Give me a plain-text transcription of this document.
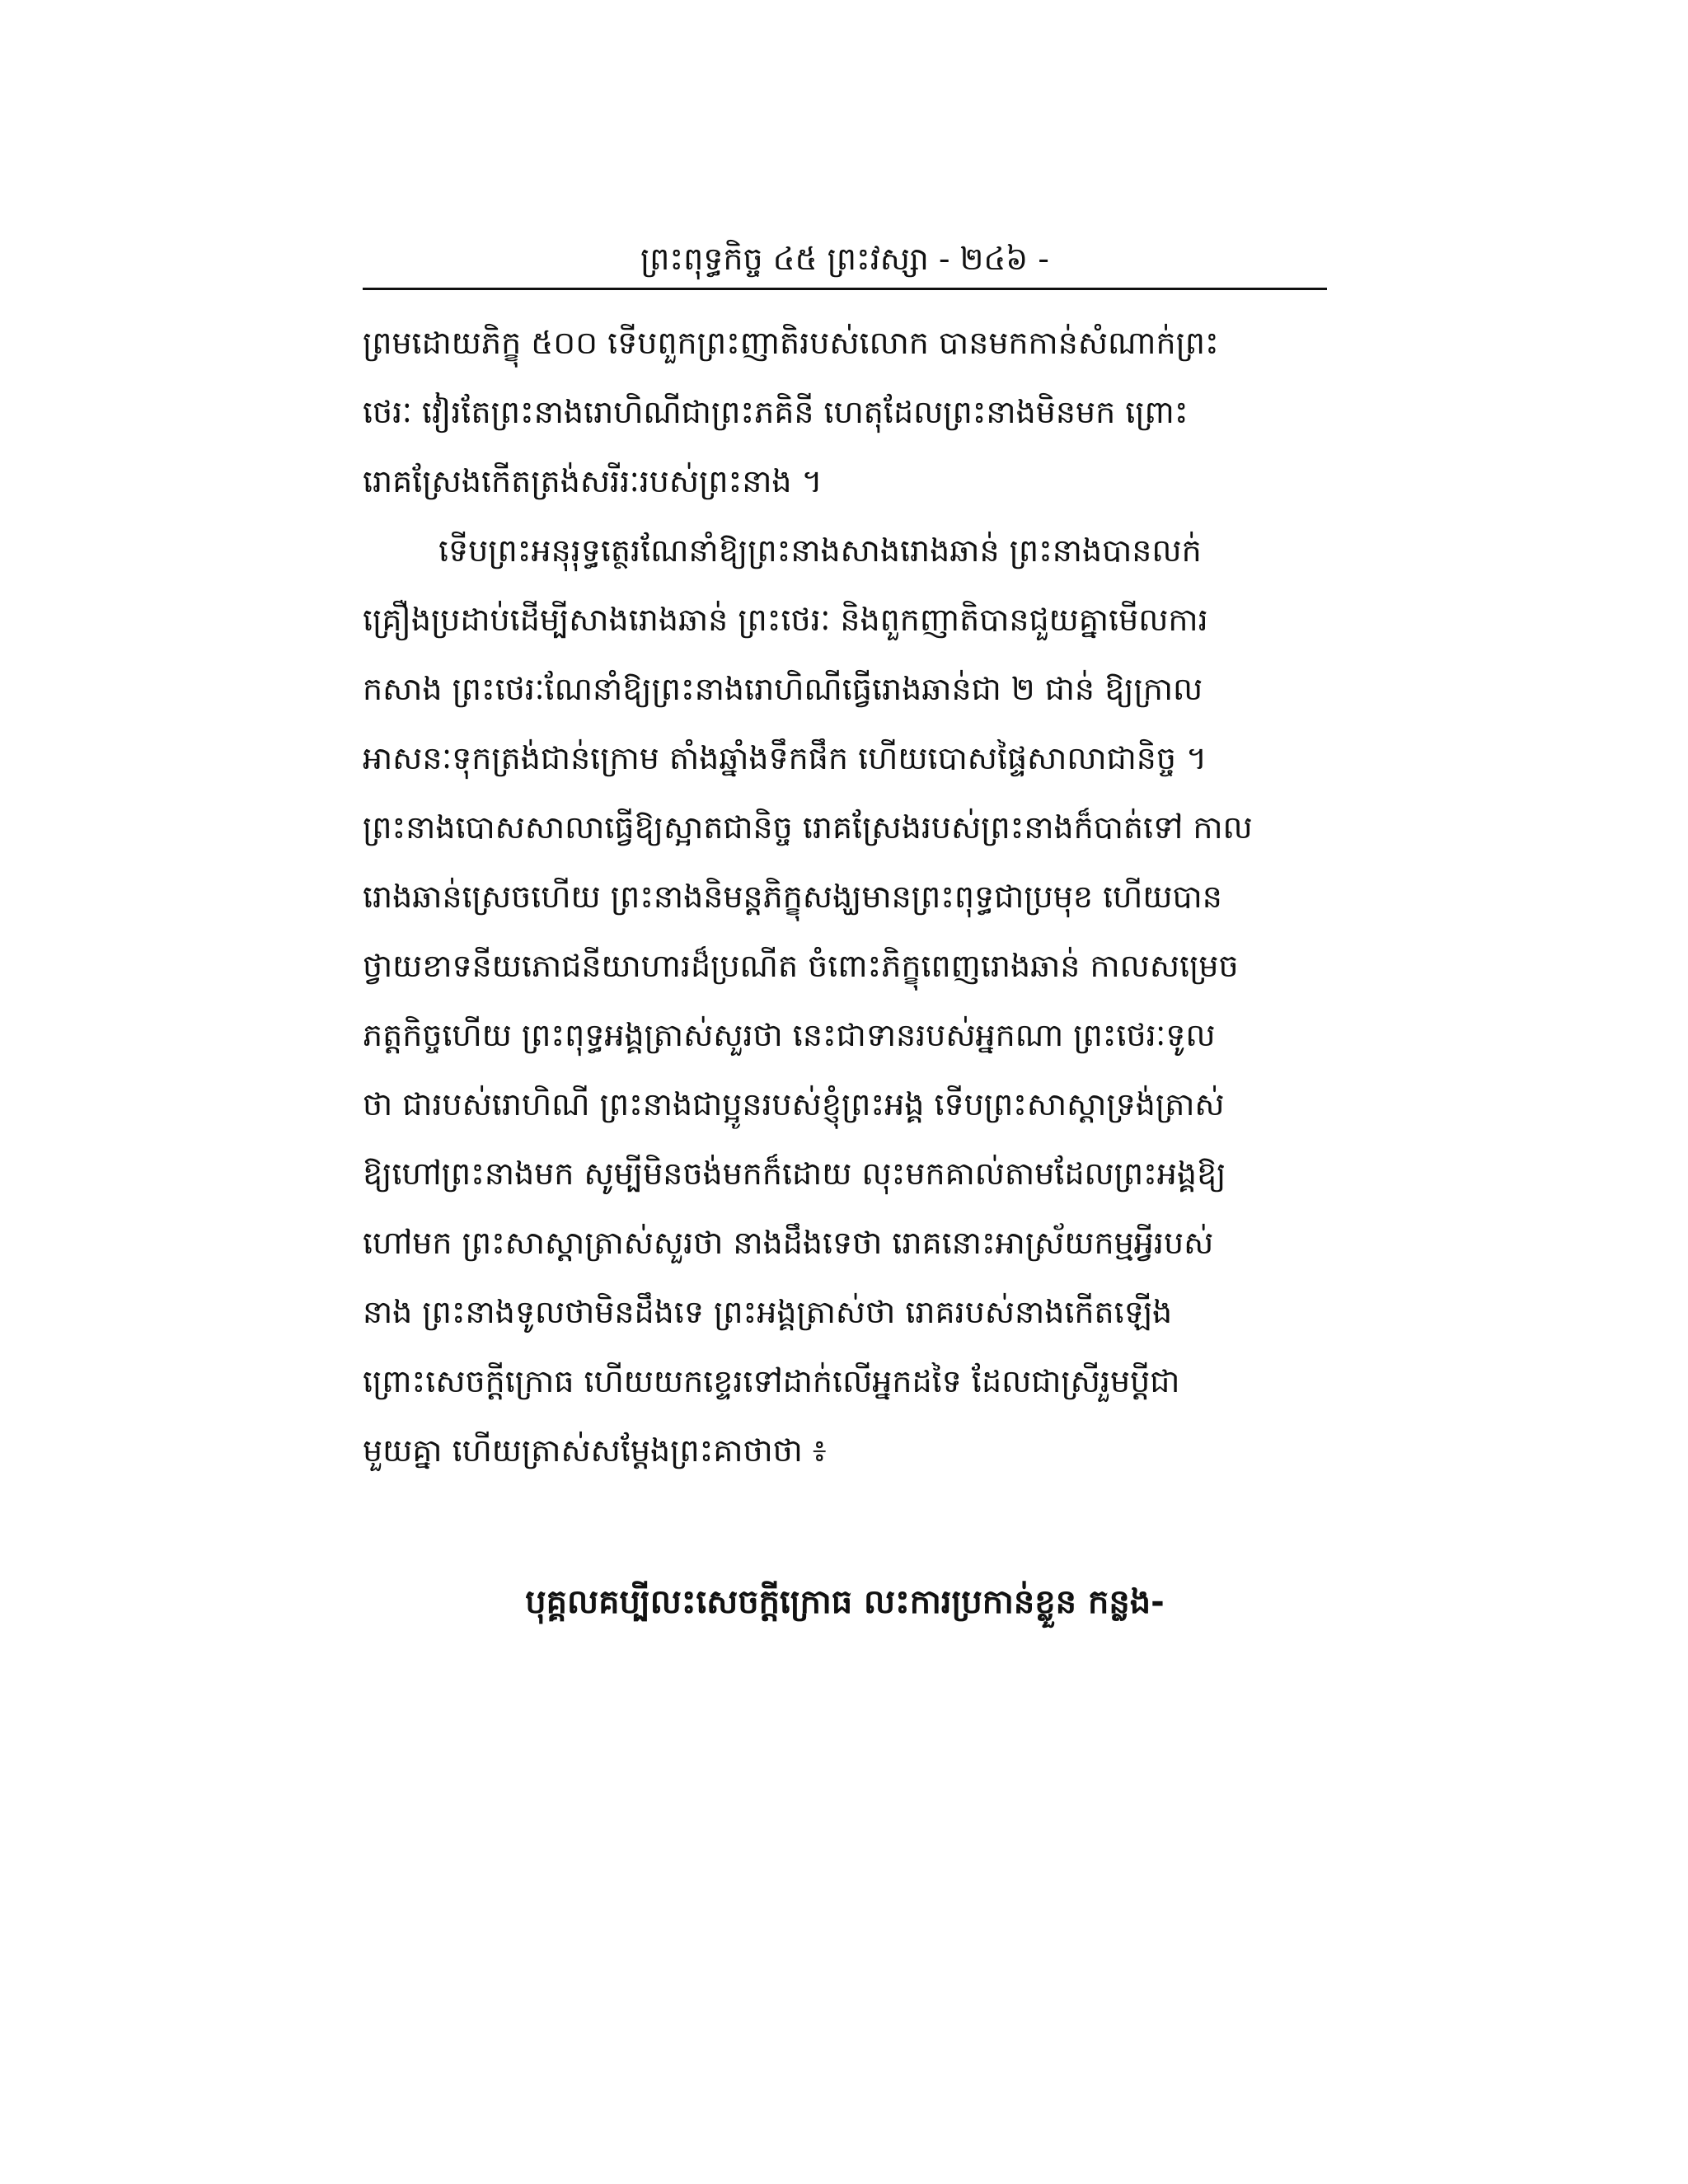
ព្រះពុទ្ធកិច្ច ៤៥ ព្រះវស្សា - ២៤៦ -
ព្រមដោយភិក្ខុ ៥០០ ទើបពួកព្រះញាតិរបស់លោក បានមកកាន់សំណាក់ព្រះ
ថេរៈ វៀរតែព្រះនាងរោហិណីជាព្រះភគិនី ហេតុដែលព្រះនាងមិនមក ព្រោះ
រោគស្រែងកើតត្រង់សរីរៈរបស់ព្រះនាង ។
ទើបព្រះអនុរុទ្ធត្ថេរណែនាំឱ្យព្រះនាងសាងរោងឆាន់ ព្រះនាងបានលក់
គ្រឿងប្រដាប់ដើម្បីសាងរោងឆាន់ ព្រះថេរៈ និងពួកញាតិបានជួយគ្នាមើលការ
កសាង ព្រះថេរៈណែនាំឱ្យព្រះនាងរោហិណីធ្វើរោងឆាន់ជា ២ ជាន់ ឱ្យក្រាល
អាសនៈទុកត្រង់ជាន់ក្រោម តាំងឆ្នាំងទឹកផឹក ហើយបោសផ្ទៃសាលាជានិច្ច ។
ព្រះនាងបោសសាលាធ្វើឱ្យស្អាតជានិច្ច រោគស្រែងរបស់ព្រះនាងក៏បាត់ទៅ កាល
រោងឆាន់ស្រេចហើយ ព្រះនាងនិមន្តភិក្ខុសង្ឃមានព្រះពុទ្ធជាប្រមុខ ហើយបាន
ថ្វាយខាទនីយភោជនីយាហារដ៏ប្រណីត ចំពោះភិក្ខុពេញរោងឆាន់ កាលសម្រេច
ភត្តកិច្ចហើយ ព្រះពុទ្ធអង្គត្រាស់សួរថា នេះជាទានរបស់អ្នកណា ព្រះថេរៈទូល
ថា ជារបស់រោហិណី ព្រះនាងជាប្អូនរបស់ខ្ញុំព្រះអង្គ ទើបព្រះសាស្ដាទ្រង់ត្រាស់
ឱ្យហៅព្រះនាងមក សូម្បីមិនចង់មកក៏ដោយ លុះមកគាល់តាមដែលព្រះអង្គឱ្យ
ហៅមក ព្រះសាស្ដាត្រាស់សួរថា នាងដឹងទេថា រោគនោះអាស្រ័យកម្មអ្វីរបស់
នាង ព្រះនាងទូលថាមិនដឹងទេ ព្រះអង្គត្រាស់ថា រោគរបស់នាងកើតឡើង
ព្រោះសេចក្ដីក្រោធ ហើយយកខ្ទេរទៅដាក់លើអ្នកដទៃ ដែលជាស្រីរួមប្ដីជា
មួយគ្នា ហើយត្រាស់សម្ដែងព្រះគាថាថា ៖
បុគ្គលគប្បីលះសេចក្ដីក្រោធ លះការប្រកាន់ខ្លួន កន្លង-
